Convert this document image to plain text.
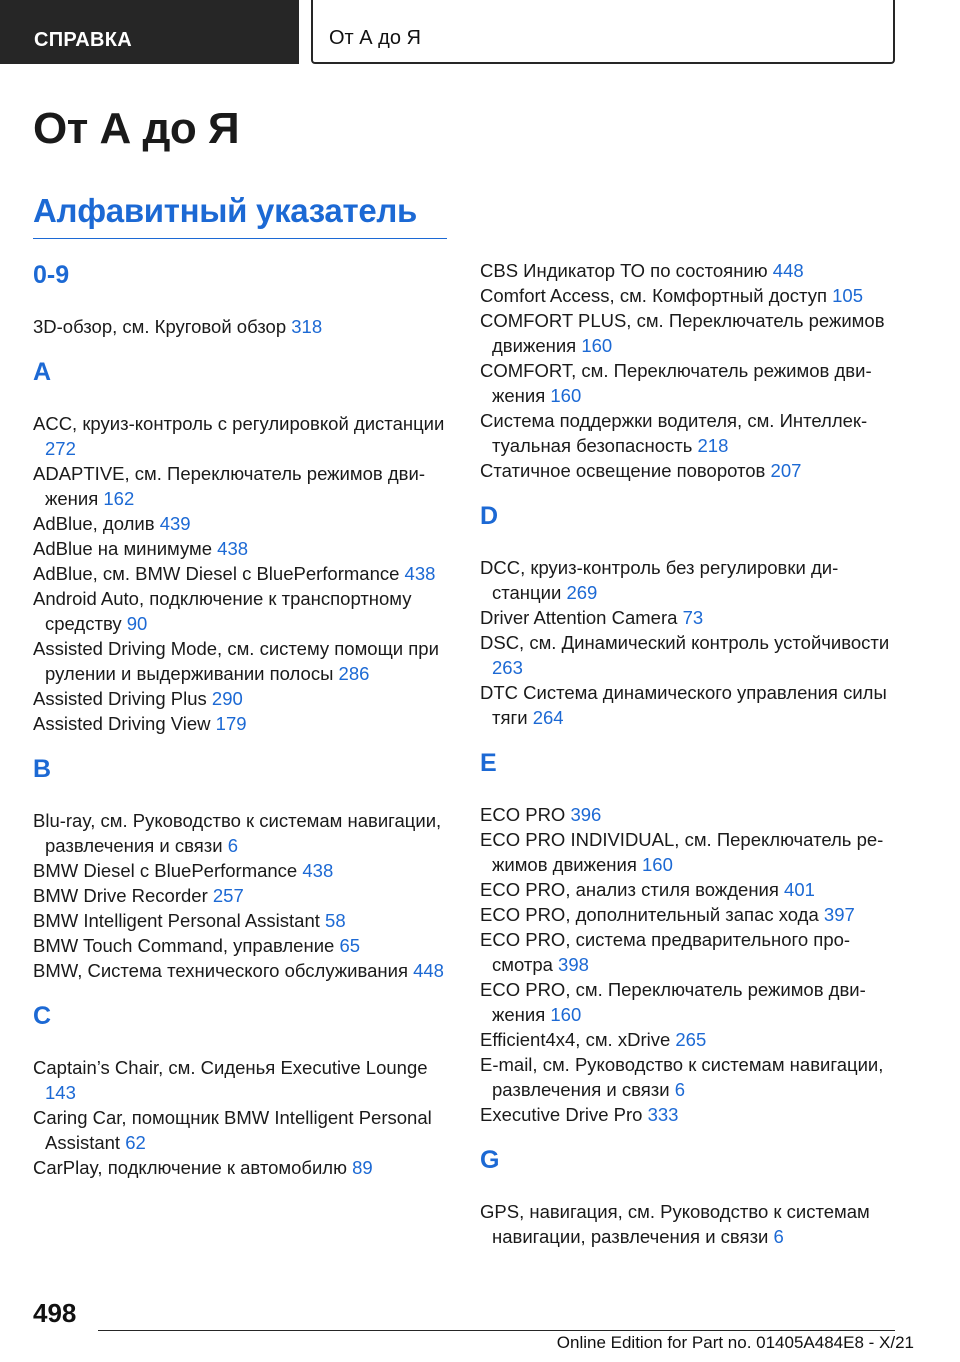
СПРАВКА	От А до Я
От А до Я
Алфавитный указатель
0-9
3D-обзор, см. Круговой обзор 318
A
ACC, круиз-контроль с регулировкой дистанции 272
ADAPTIVE, см. Переключатель режимов движения 162
AdBlue, долив 439
AdBlue на минимуме 438
AdBlue, см. BMW Diesel с BluePerformance 438
Android Auto, подключение к транспортному средству 90
Assisted Driving Mode, см. систему помощи при рулении и выдерживании полосы 286
Assisted Driving Plus 290
Assisted Driving View 179
B
Blu-ray, см. Руководство к системам навигации, развлечения и связи 6
BMW Diesel с BluePerformance 438
BMW Drive Recorder 257
BMW Intelligent Personal Assistant 58
BMW Touch Command, управление 65
BMW, Система технического обслуживания 448
C
Captain’s Chair, см. Сиденья Executive Lounge 143
Caring Car, помощник BMW Intelligent Personal Assistant 62
CarPlay, подключение к автомобилю 89
CBS Индикатор ТО по состоянию 448
Comfort Access, см. Комфортный доступ 105
COMFORT PLUS, см. Переключатель режимов движения 160
COMFORT, см. Переключатель режимов движения 160
Система поддержки водителя, см. Интеллектуальная безопасность 218
Статичное освещение поворотов 207
D
DCC, круиз-контроль без регулировки дистанции 269
Driver Attention Camera 73
DSC, см. Динамический контроль устойчивости 263
DTC Система динамического управления силы тяги 264
E
ECO PRO 396
ECO PRO INDIVIDUAL, см. Переключатель режимов движения 160
ECO PRO, анализ стиля вождения 401
ECO PRO, дополнительный запас хода 397
ECO PRO, система предварительного просмотра 398
ECO PRO, см. Переключатель режимов движения 160
Efficient4x4, см. xDrive 265
E-mail, см. Руководство к системам навигации, развлечения и связи 6
Executive Drive Pro 333
G
GPS, навигация, см. Руководство к системам навигации, развлечения и связи 6
498
Online Edition for Part no. 01405A484E8 - X/21
